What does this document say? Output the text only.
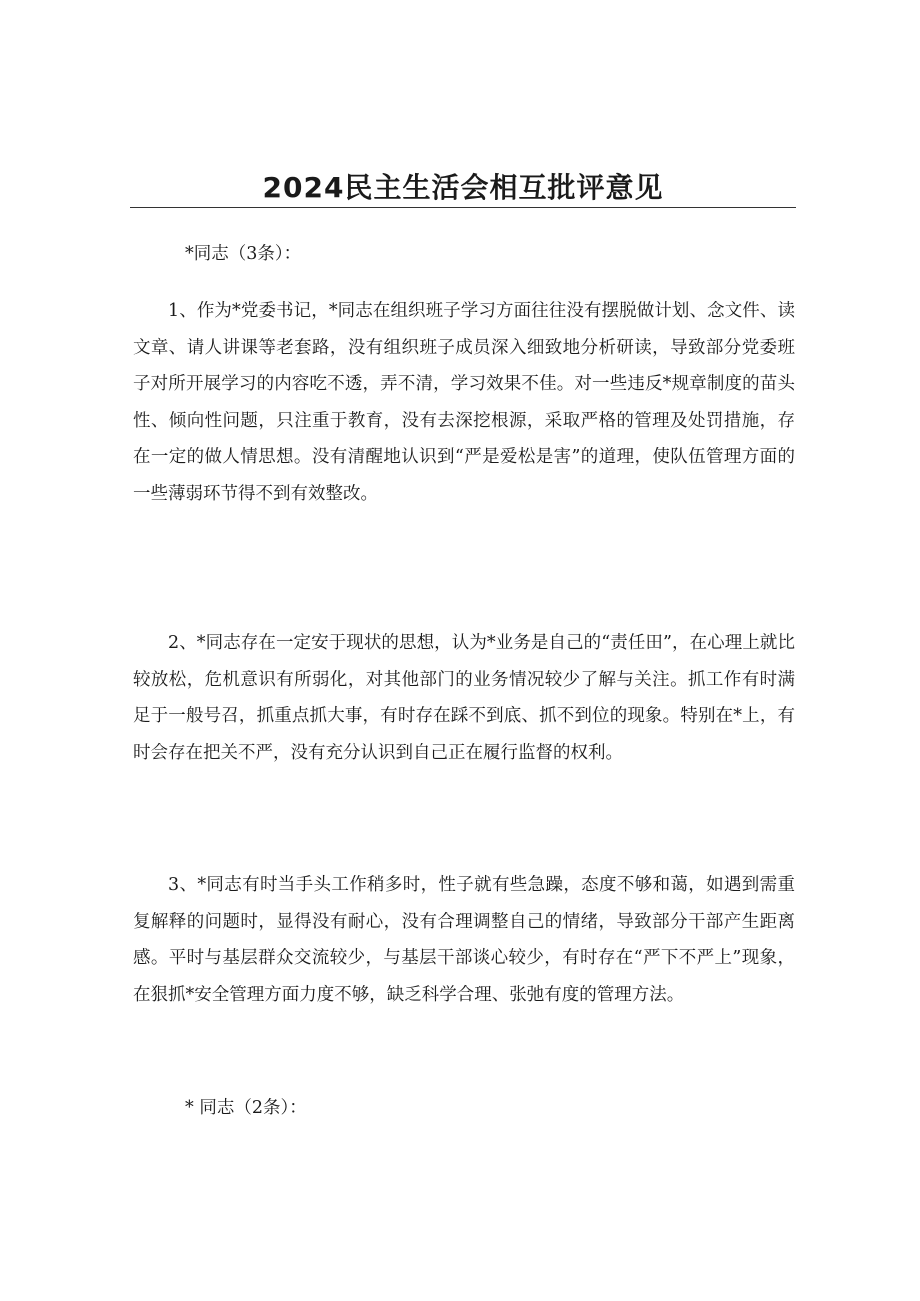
2024民主生活会相互批评意见

*同志（3条）：

1、作为*党委书记，*同志在组织班子学习方面往往没有摆脱做计划、念文件、读文章、请人讲课等老套路，没有组织班子成员深入细致地分析研读，导致部分党委班子对所开展学习的内容吃不透，弄不清，学习效果不佳。对一些违反*规章制度的苗头性、倾向性问题，只注重于教育，没有去深挖根源，采取严格的管理及处罚措施，存在一定的做人情思想。没有清醒地认识到“严是爱松是害”的道理，使队伍管理方面的一些薄弱环节得不到有效整改。

2、*同志存在一定安于现状的思想，认为*业务是自己的“责任田”，在心理上就比较放松，危机意识有所弱化，对其他部门的业务情况较少了解与关注。抓工作有时满足于一般号召，抓重点抓大事，有时存在踩不到底、抓不到位的现象。特别在*上，有时会存在把关不严，没有充分认识到自己正在履行监督的权利。

3、*同志有时当手头工作稍多时，性子就有些急躁，态度不够和蔼，如遇到需重复解释的问题时，显得没有耐心，没有合理调整自己的情绪，导致部分干部产生距离感。平时与基层群众交流较少，与基层干部谈心较少，有时存在“严下不严上”现象，在狠抓*安全管理方面力度不够，缺乏科学合理、张弛有度的管理方法。

* 同志（2条）：
